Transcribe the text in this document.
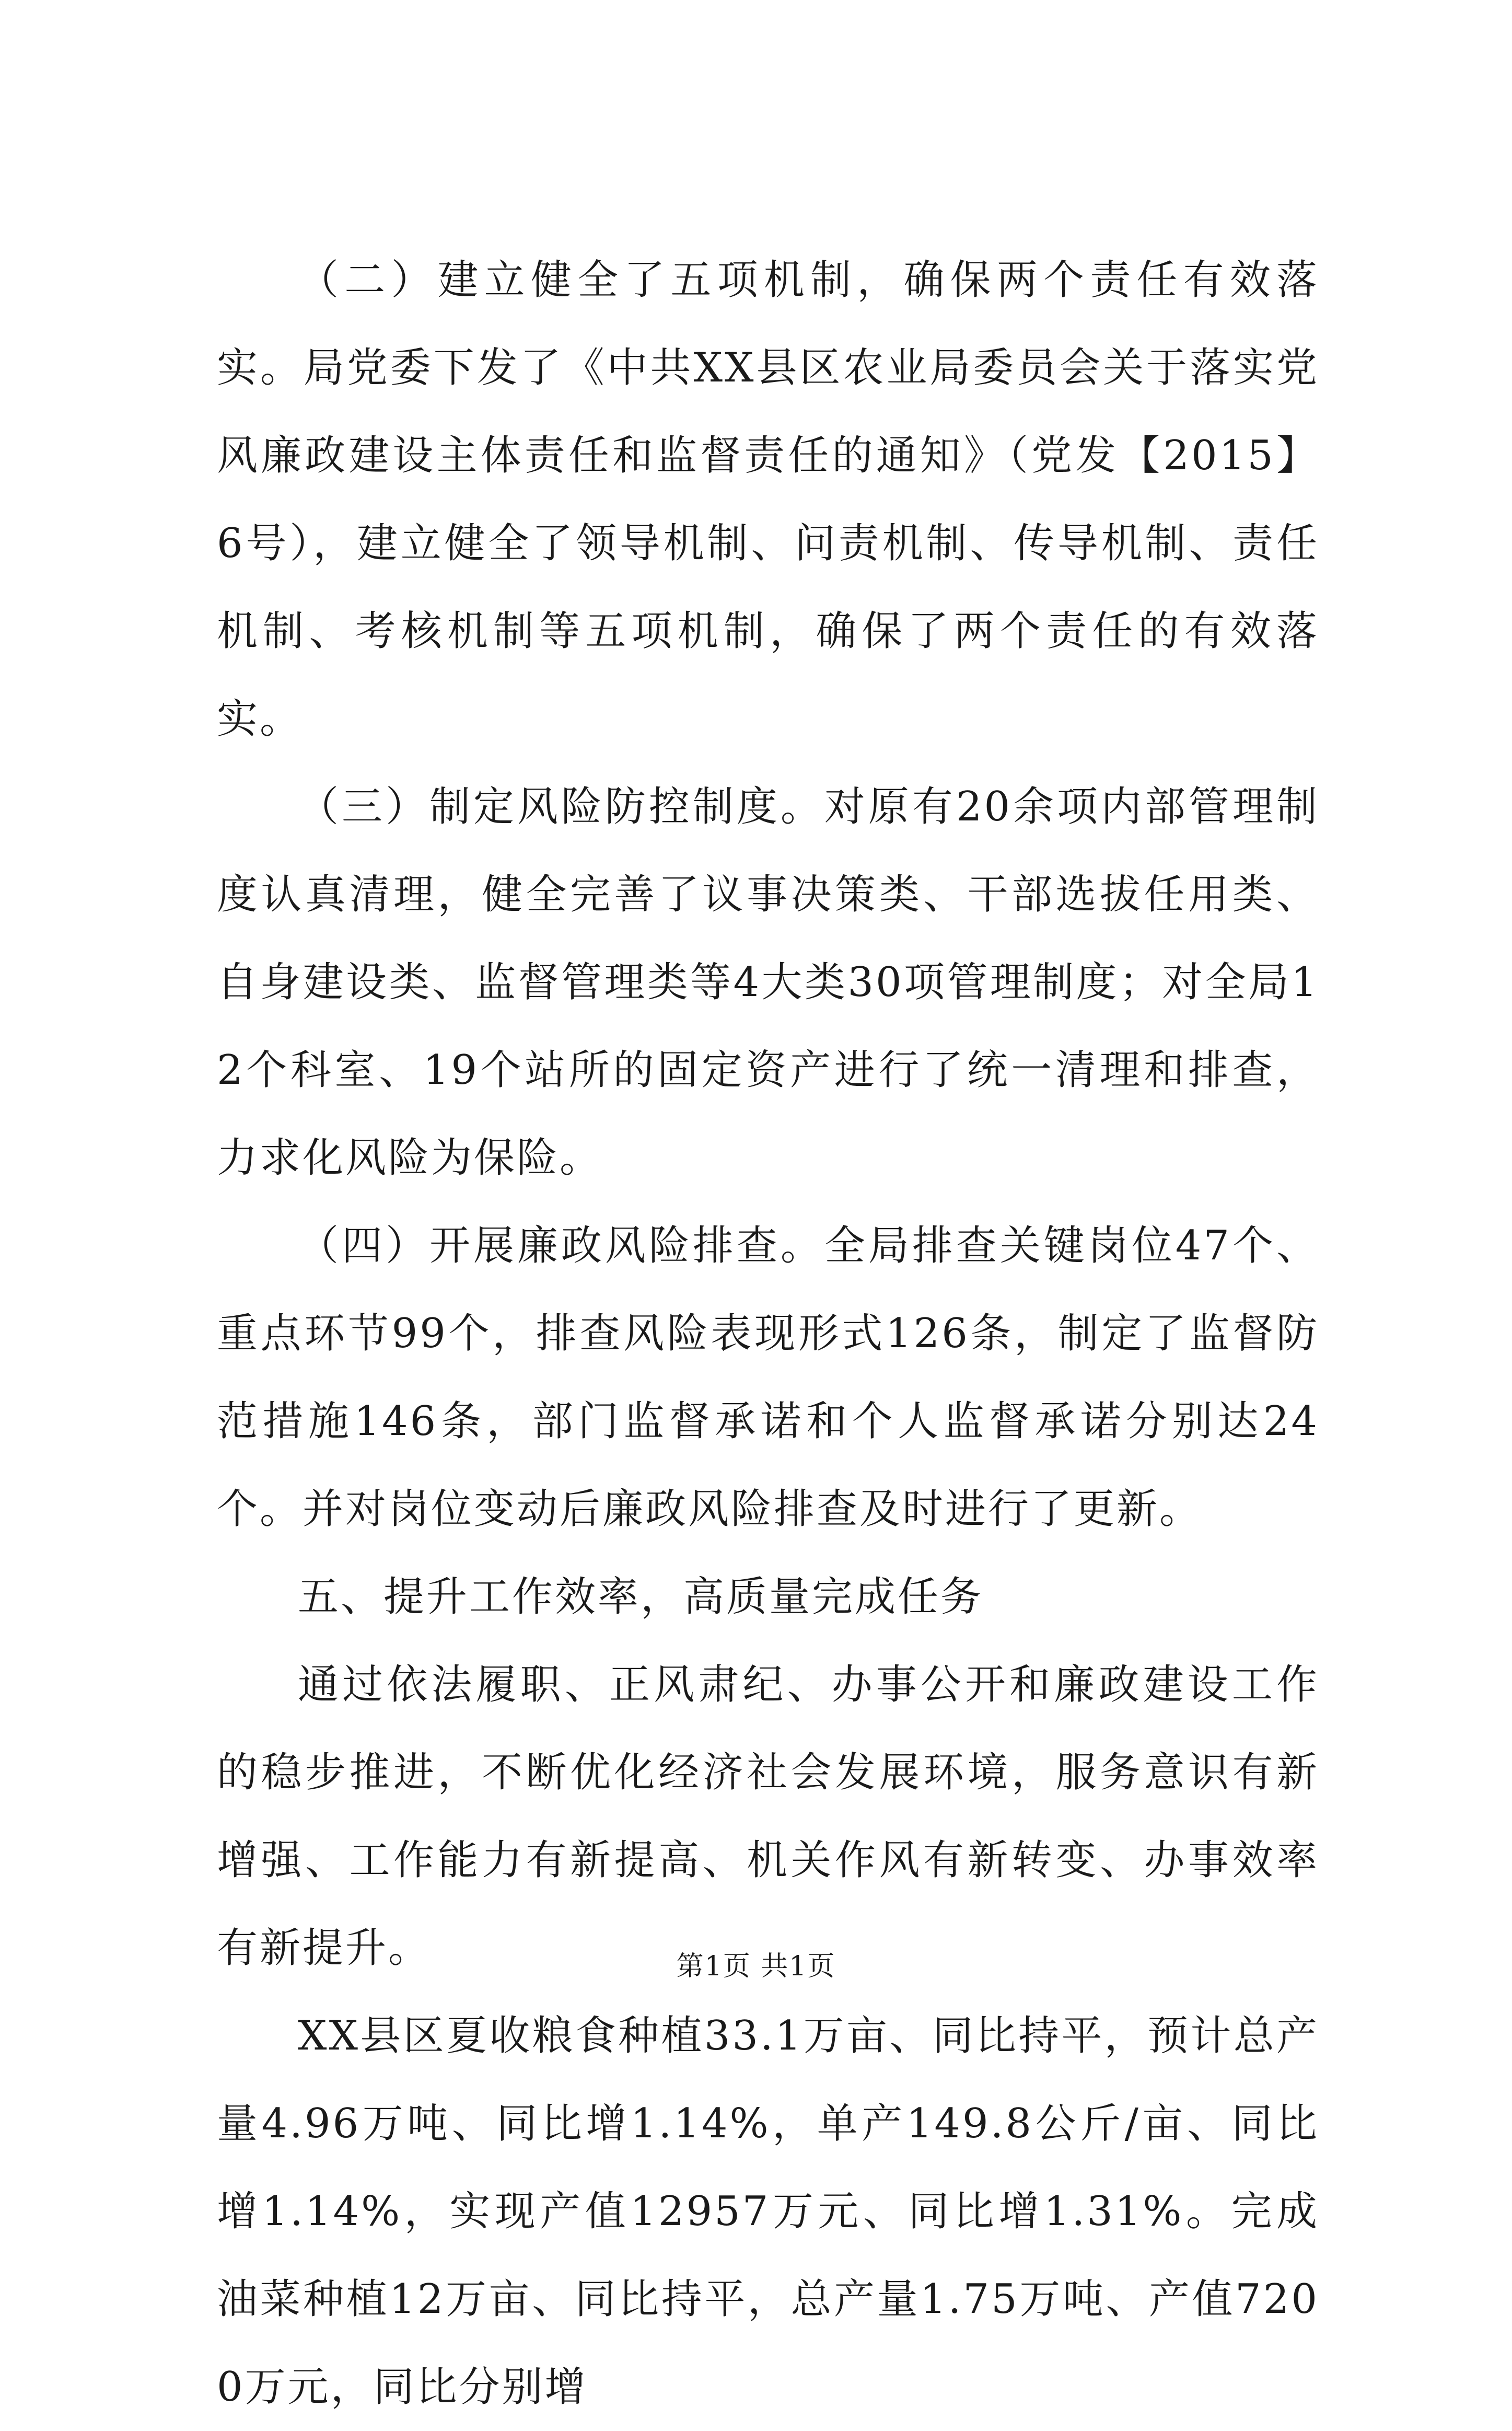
（二）建立健全了五项机制，确保两个责任有效落实。局党委下发了《中共XX县区农业局委员会关于落实党风廉政建设主体责任和监督责任的通知》（党发【2015】6号），建立健全了领导机制、问责机制、传导机制、责任机制、考核机制等五项机制，确保了两个责任的有效落实。

（三）制定风险防控制度。对原有20余项内部管理制度认真清理，健全完善了议事决策类、干部选拔任用类、自身建设类、监督管理类等4大类30项管理制度；对全局12个科室、19个站所的固定资产进行了统一清理和排查，力求化风险为保险。

（四）开展廉政风险排查。全局排查关键岗位47个、重点环节99个，排查风险表现形式126条，制定了监督防范措施146条，部门监督承诺和个人监督承诺分别达24个。并对岗位变动后廉政风险排查及时进行了更新。

五、提升工作效率，高质量完成任务

通过依法履职、正风肃纪、办事公开和廉政建设工作的稳步推进，不断优化经济社会发展环境，服务意识有新增强、工作能力有新提高、机关作风有新转变、办事效率有新提升。

XX县区夏收粮食种植33.1万亩、同比持平，预计总产量4.96万吨、同比增1.14%，单产149.8公斤/亩、同比增1.14%，实现产值12957万元、同比增1.31%。完成油菜种植12万亩、同比持平，总产量1.75万吨、产值7200万元，同比分别增

第1页 共1页
